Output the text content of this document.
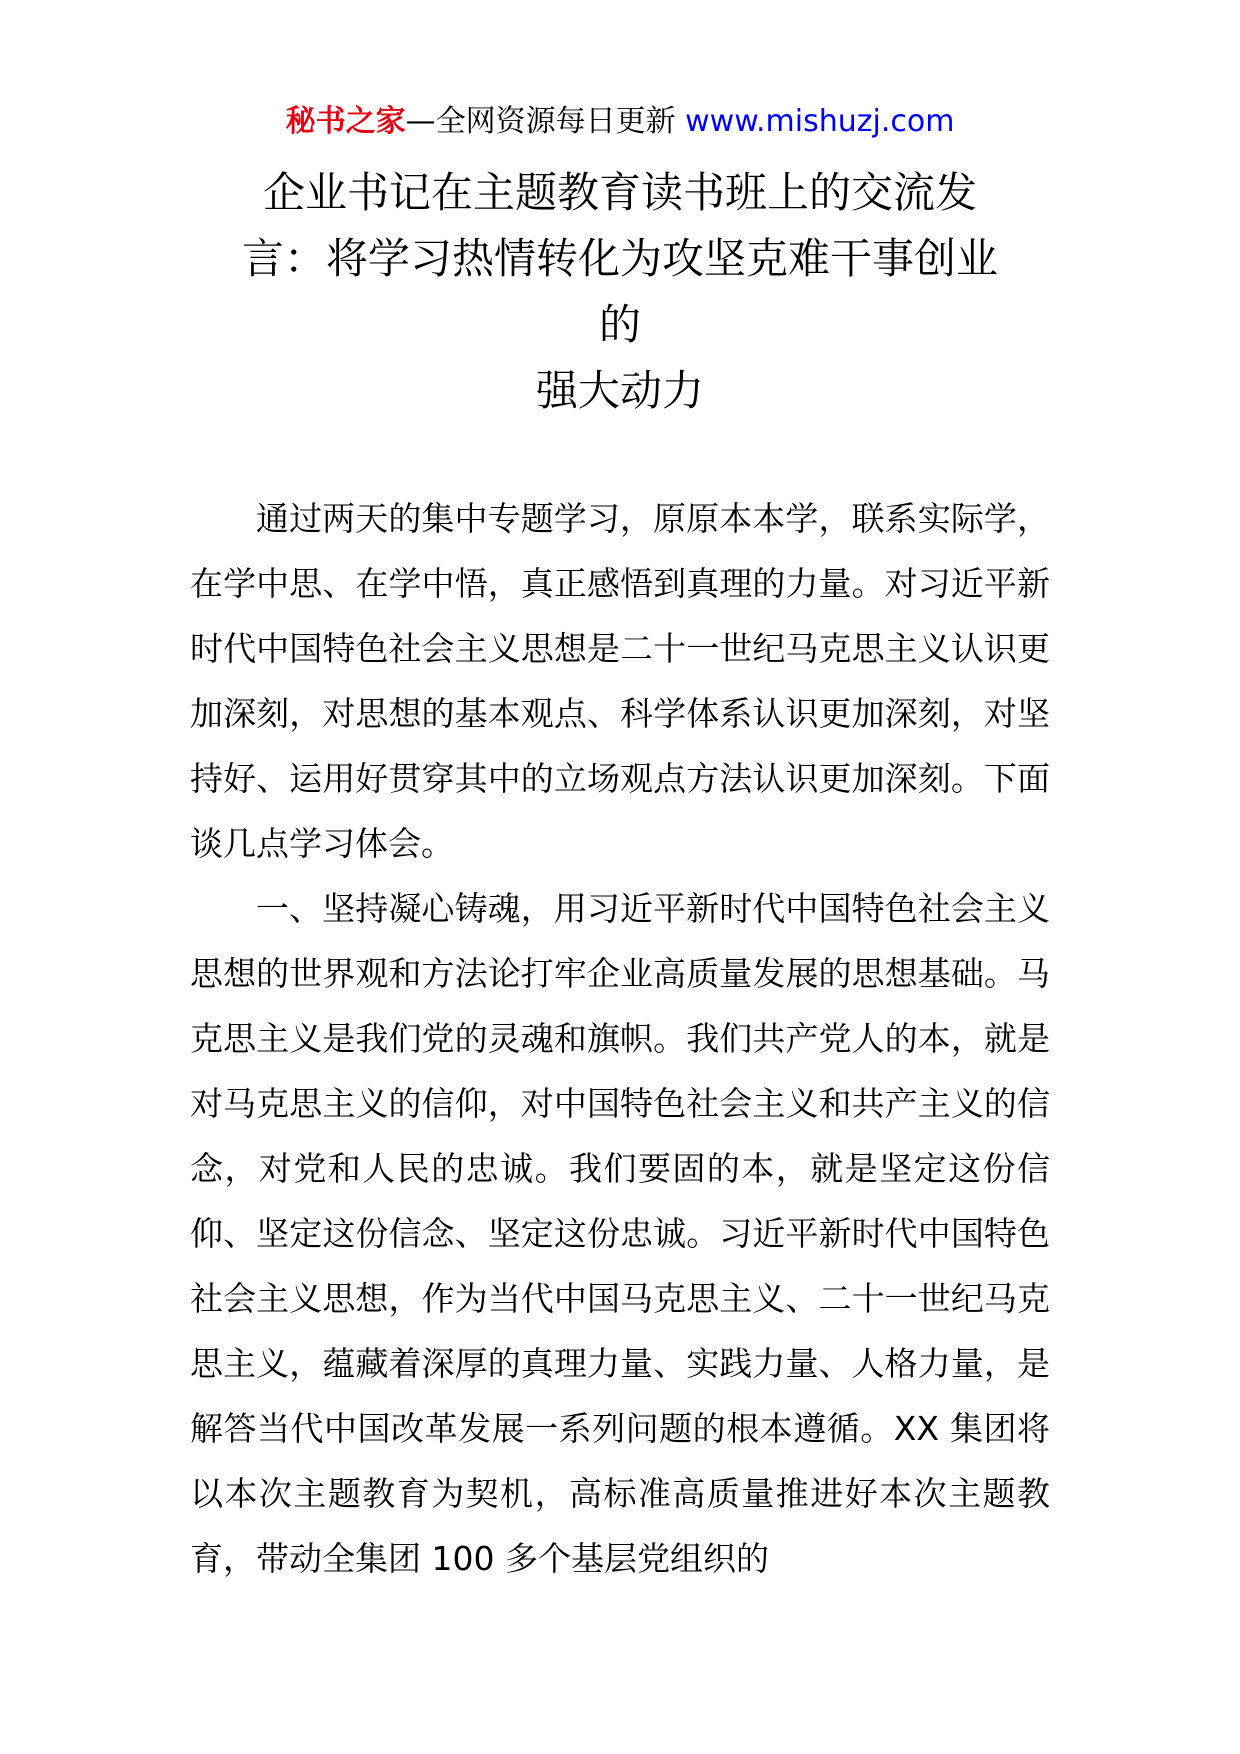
秘书之家—全网资源每日更新 www.mishuzj.com
企业书记在主题教育读书班上的交流发
言：将学习热情转化为攻坚克难干事创业
的
强大动力

通过两天的集中专题学习，原原本本学，联系实际学，在学中思、在学中悟，真正感悟到真理的力量。对习近平新时代中国特色社会主义思想是二十一世纪马克思主义认识更加深刻，对思想的基本观点、科学体系认识更加深刻，对坚持好、运用好贯穿其中的立场观点方法认识更加深刻。下面谈几点学习体会。

一、坚持凝心铸魂，用习近平新时代中国特色社会主义思想的世界观和方法论打牢企业高质量发展的思想基础。马克思主义是我们党的灵魂和旗帜。我们共产党人的本，就是对马克思主义的信仰，对中国特色社会主义和共产主义的信念，对党和人民的忠诚。我们要固的本，就是坚定这份信仰、坚定这份信念、坚定这份忠诚。习近平新时代中国特色社会主义思想，作为当代中国马克思主义、二十一世纪马克思主义，蕴藏着深厚的真理力量、实践力量、人格力量，是解答当代中国改革发展一系列问题的根本遵循。XX 集团将以本次主题教育为契机，高标准高质量推进好本次主题教育，带动全集团 100 多个基层党组织的
